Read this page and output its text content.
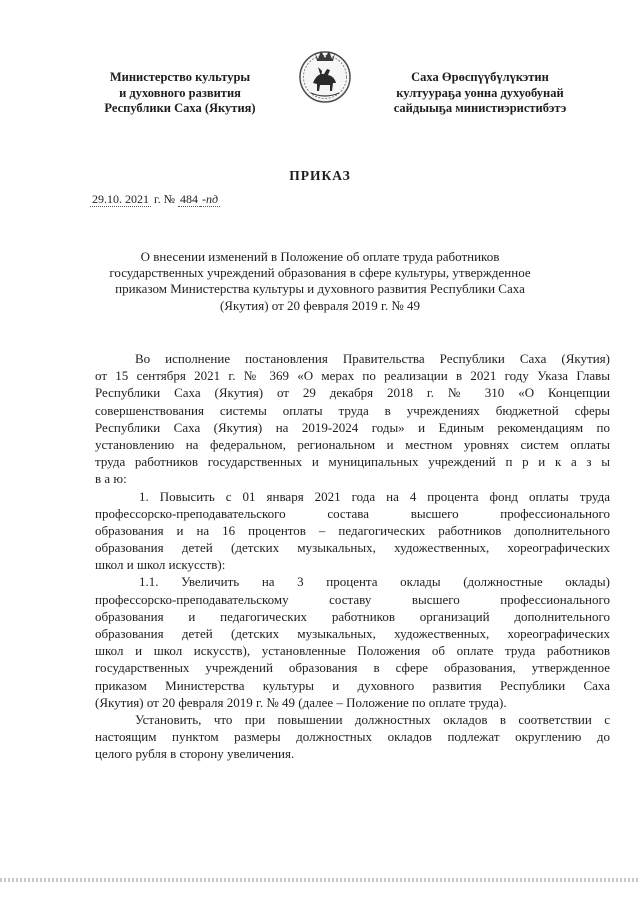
Министерство культуры
и духовного развития
Республики Саха (Якутия)
Саха Өрөспүүбүлүкэтин
култуураҕа уонна духуобунай
сайдыыҕа министиэристибэтэ
ПРИКАЗ
29.10. 2021 г. № 484 -пд
О внесении изменений в Положение об оплате труда работников
государственных учреждений образования в сфере культуры, утвержденное
приказом Министерства культуры и духовного развития Республики Саха
(Якутия) от 20 февраля 2019 г. № 49
Во исполнение постановления Правительства Республики Саха (Якутия)
от 15 сентября 2021 г. № 369 «О мерах по реализации в 2021 году Указа Главы
Республики Саха (Якутия) от 29 декабря 2018 г. № 310 «О Концепции
совершенствования системы оплаты труда в учреждениях бюджетной сферы
Республики Саха (Якутия) на 2019-2024 годы» и Единым рекомендациям по
установлению на федеральном, региональном и местном уровнях систем оплаты
труда работников государственных и муниципальных учреждений п р и к а з ы
в а ю:
1. Повысить с 01 января 2021 года на 4 процента фонд оплаты труда
профессорско-преподавательского состава высшего профессионального
образования и на 16 процентов – педагогических работников дополнительного
образования детей (детских музыкальных, художественных, хореографических
школ и школ искусств):
1.1. Увеличить на 3 процента оклады (должностные оклады)
профессорско-преподавательскому составу высшего профессионального
образования и педагогических работников организаций дополнительного
образования детей (детских музыкальных, художественных, хореографических
школ и школ искусств), установленные Положения об оплате труда работников
государственных учреждений образования в сфере образования, утвержденное
приказом Министерства культуры и духовного развития Республики Саха
(Якутия) от 20 февраля 2019 г. № 49 (далее – Положение по оплате труда).
Установить, что при повышении должностных окладов в соответствии с
настоящим пунктом размеры должностных окладов подлежат округлению до
целого рубля в сторону увеличения.
